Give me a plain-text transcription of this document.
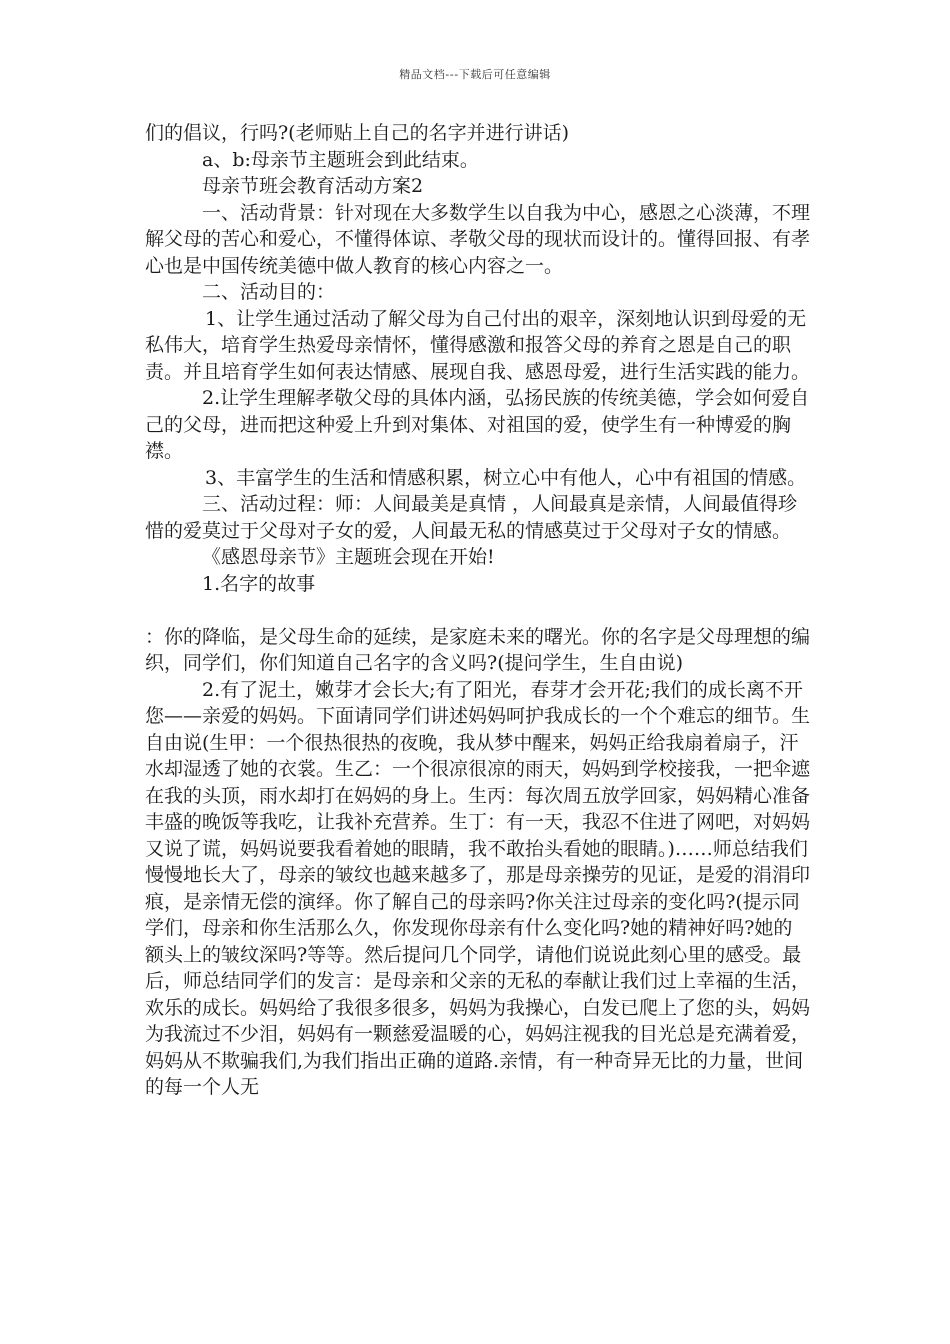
精品文档---下载后可任意编辑

们的倡议，行吗?(老师贴上自己的名字并进行讲话)

a、b:母亲节主题班会到此结束。

母亲节班会教育活动方案2

一、活动背景：针对现在大多数学生以自我为中心，感恩之心淡薄，不理解父母的苦心和爱心，不懂得体谅、孝敬父母的现状而设计的。懂得回报、有孝心也是中国传统美德中做人教育的核心内容之一。

二、活动目的：

1、让学生通过活动了解父母为自己付出的艰辛，深刻地认识到母爱的无私伟大，培育学生热爱母亲情怀，懂得感激和报答父母的养育之恩是自己的职责。并且培育学生如何表达情感、展现自我、感恩母爱，进行生活实践的能力。

2.让学生理解孝敬父母的具体内涵，弘扬民族的传统美德，学会如何爱自己的父母，进而把这种爱上升到对集体、对祖国的爱，使学生有一种博爱的胸襟。

3、丰富学生的生活和情感积累，树立心中有他人，心中有祖国的情感。

三、活动过程：师：人间最美是真情 ，人间最真是亲情，人间最值得珍惜的爱莫过于父母对子女的爱，人间最无私的情感莫过于父母对子女的情感。

《感恩母亲节》主题班会现在开始!

1.名字的故事

：你的降临，是父母生命的延续，是家庭未来的曙光。你的名字是父母理想的编织，同学们，你们知道自己名字的含义吗?(提问学生，生自由说)

2.有了泥土，嫩芽才会长大;有了阳光，春芽才会开花;我们的成长离不开您——亲爱的妈妈。下面请同学们讲述妈妈呵护我成长的一个个难忘的细节。生自由说(生甲：一个很热很热的夜晚，我从梦中醒来，妈妈正给我扇着扇子，汗水却湿透了她的衣裳。生乙：一个很凉很凉的雨天，妈妈到学校接我，一把伞遮在我的头顶，雨水却打在妈妈的身上。生丙：每次周五放学回家，妈妈精心准备丰盛的晚饭等我吃，让我补充营养。生丁：有一天，我忍不住进了网吧，对妈妈又说了谎，妈妈说要我看着她的眼睛，我不敢抬头看她的眼睛。)……师总结我们慢慢地长大了，母亲的皱纹也越来越多了，那是母亲操劳的见证，是爱的涓涓印痕，是亲情无偿的演绎。你了解自己的母亲吗?你关注过母亲的变化吗?(提示同学们，母亲和你生活那么久，你发现你母亲有什么变化吗?她的精神好吗?她的额头上的皱纹深吗?等等。然后提问几个同学，请他们说说此刻心里的感受。最后，师总结同学们的发言：是母亲和父亲的无私的奉献让我们过上幸福的生活，欢乐的成长。妈妈给了我很多很多，妈妈为我操心，白发已爬上了您的头，妈妈为我流过不少泪，妈妈有一颗慈爱温暖的心，妈妈注视我的目光总是充满着爱，妈妈从不欺骗我们,为我们指出正确的道路.亲情，有一种奇异无比的力量，世间的每一个人无
